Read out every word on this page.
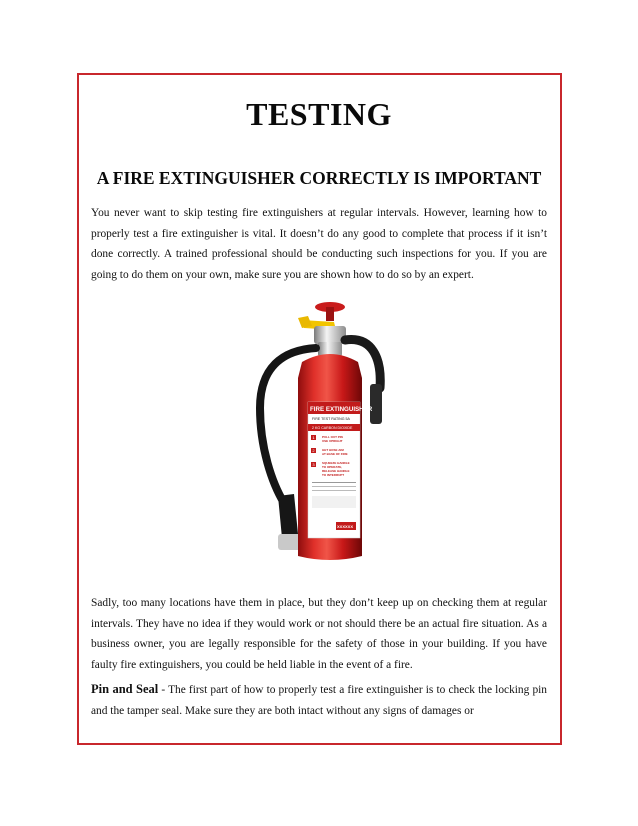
TESTING
A FIRE EXTINGUISHER CORRECTLY IS IMPORTANT

You never want to skip testing fire extinguishers at regular intervals. However, learning how to properly test a fire extinguisher is vital. It doesn’t do any good to complete that process if it isn’t done correctly. A trained professional should be conducting such inspections for you. If you are going to do them on your own, make sure you are shown how to do so by an expert.

FIRE EXTINGUISHER
FIRE TEST RATING 5A
2 KG CARBON DIOXIDE
1
2
3
PULL OUT PIN USE UPRIGHT
GET HOSE AIM AT BASE OF FIRE
SQUEEZE HANDLE TO OPERATE, RELEASE HANDLE TO INTERRUPT
XXXXXX

Sadly, too many locations have them in place, but they don’t keep up on checking them at regular intervals. They have no idea if they would work or not should there be an actual fire situation. As a business owner, you are legally responsible for the safety of those in your building. If you have faulty fire extinguishers, you could be held liable in the event of a fire.

Pin and Seal - The first part of how to properly test a fire extinguisher is to check the locking pin and the tamper seal. Make sure they are both intact without any signs of damages or
